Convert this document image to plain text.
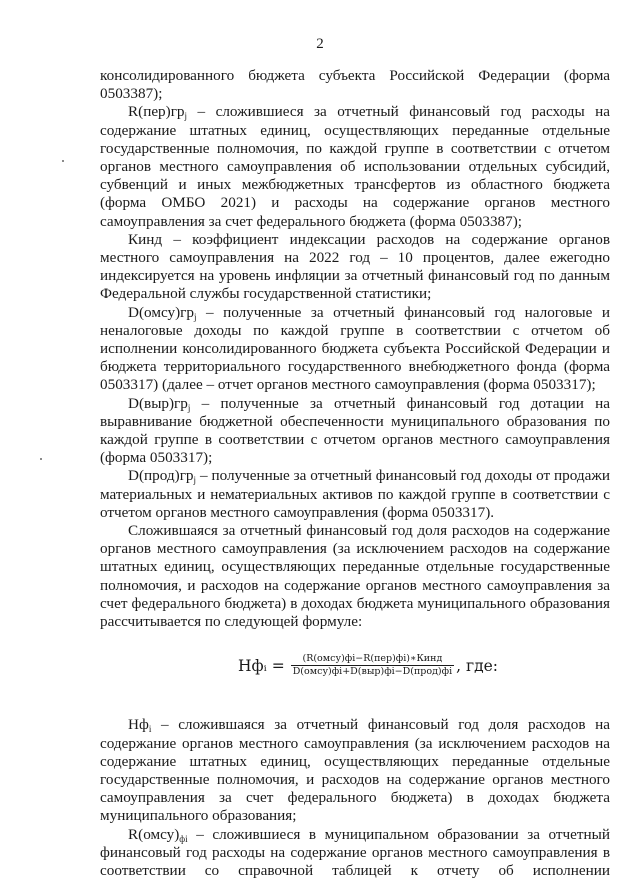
2

консолидированного бюджета субъекта Российской Федерации (форма 0503387);

$R(пер)гр_j$ – сложившиеся за отчетный финансовый год расходы на содержание штатных единиц, осуществляющих переданные отдельные государственные полномочия, по каждой группе в соответствии с отчетом органов местного самоуправления об использовании отдельных субсидий, субвенций и иных межбюджетных трансфертов из областного бюджета (форма ОМБО 2021) и расходы на содержание органов местного самоуправления за счет федерального бюджета (форма 0503387);

Кинд – коэффициент индексации расходов на содержание органов местного самоуправления на 2022 год – 10 процентов, далее ежегодно индексируется на уровень инфляции за отчетный финансовый год по данным Федеральной службы государственной статистики;

$D(омсу)гр_j$ – полученные за отчетный финансовый год налоговые и неналоговые доходы по каждой группе в соответствии с отчетом об исполнении консолидированного бюджета субъекта Российской Федерации и бюджета территориального государственного внебюджетного фонда (форма 0503317) (далее – отчет органов местного самоуправления (форма 0503317);

$D(выр)гр_j$ – полученные за отчетный финансовый год дотации на выравнивание бюджетной обеспеченности муниципального образования по каждой группе в соответствии с отчетом органов местного самоуправления (форма 0503317);

$D(прод)гр_j$ – полученные за отчетный финансовый год доходы от продажи материальных и нематериальных активов по каждой группе в соответствии с отчетом органов местного самоуправления (форма 0503317).

Сложившаяся за отчетный финансовый год доля расходов на содержание органов местного самоуправления (за исключением расходов на содержание штатных единиц, осуществляющих переданные отдельные государственные полномочия, и расходов на содержание органов местного самоуправления за счет федерального бюджета) в доходах бюджета муниципального образования рассчитывается по следующей формуле:

Нфᵢ = $\frac{\text{(R(омсу)фi−R(пер)фi)∗Кинд}}{\text{D(омсу)фi+D(выр)фi−D(прод)фi}}$ , где:

$Нф_i$ – сложившаяся за отчетный финансовый год доля расходов на содержание органов местного самоуправления (за исключением расходов на содержание штатных единиц, осуществляющих переданные отдельные государственные полномочия, и расходов на содержание органов местного самоуправления за счет федерального бюджета) в доходах бюджета муниципального образования;

$R(омсу)_{фi}$ – сложившиеся в муниципальном образовании за отчетный финансовый год расходы на содержание органов местного самоуправления в соответствии со справочной таблицей к отчету об исполнении
